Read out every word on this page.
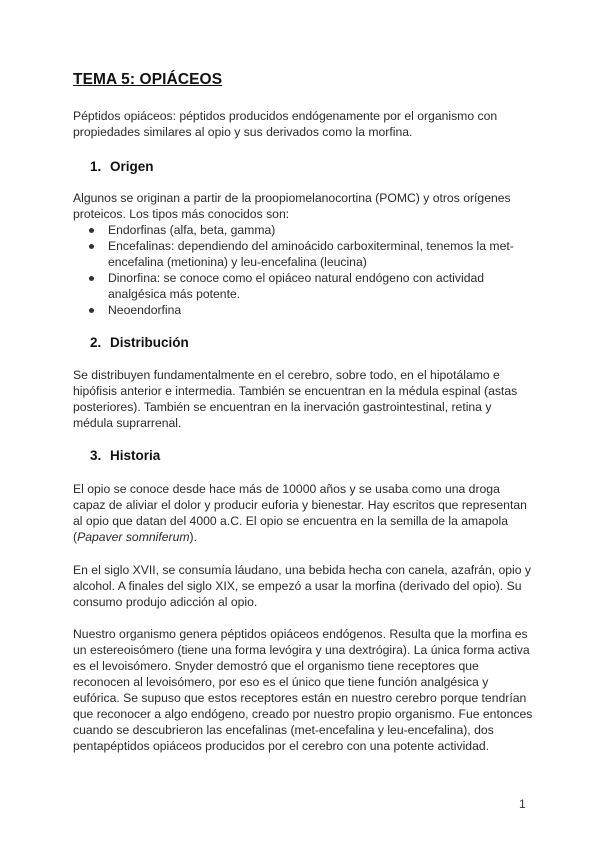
TEMA 5: OPIÁCEOS

Péptidos opiáceos: péptidos producidos endógenamente por el organismo con propiedades similares al opio y sus derivados como la morfina.

1. Origen

Algunos se originan a partir de la proopiomelanocortina (POMC) y otros orígenes proteicos. Los tipos más conocidos son:

Endorfinas (alfa, beta, gamma)
Encefalinas: dependiendo del aminoácido carboxiterminal, tenemos la met-encefalina (metionina) y leu-encefalina (leucina)
Dinorfina: se conoce como el opiáceo natural endógeno con actividad analgésica más potente.
Neoendorfina
2. Distribución

Se distribuyen fundamentalmente en el cerebro, sobre todo, en el hipotálamo e hipófisis anterior e intermedia. También se encuentran en la médula espinal (astas posteriores). También se encuentran en la inervación gastrointestinal, retina y médula suprarrenal.

3. Historia

El opio se conoce desde hace más de 10000 años y se usaba como una droga capaz de aliviar el dolor y producir euforia y bienestar. Hay escritos que representan al opio que datan del 4000 a.C. El opio se encuentra en la semilla de la amapola (Papaver somniferum).

En el siglo XVII, se consumía láudano, una bebida hecha con canela, azafrán, opio y alcohol. A finales del siglo XIX, se empezó a usar la morfina (derivado del opio). Su consumo produjo adicción al opio.

Nuestro organismo genera péptidos opiáceos endógenos. Resulta que la morfina es un estereoisómero (tiene una forma levógira y una dextrógira). La única forma activa es el levoisómero. Snyder demostró que el organismo tiene receptores que reconocen al levoisómero, por eso es el único que tiene función analgésica y eufórica. Se supuso que estos receptores están en nuestro cerebro porque tendrían que reconocer a algo endógeno, creado por nuestro propio organismo. Fue entonces cuando se descubrieron las encefalinas (met-encefalina y leu-encefalina), dos pentapéptidos opiáceos producidos por el cerebro con una potente actividad.

1
